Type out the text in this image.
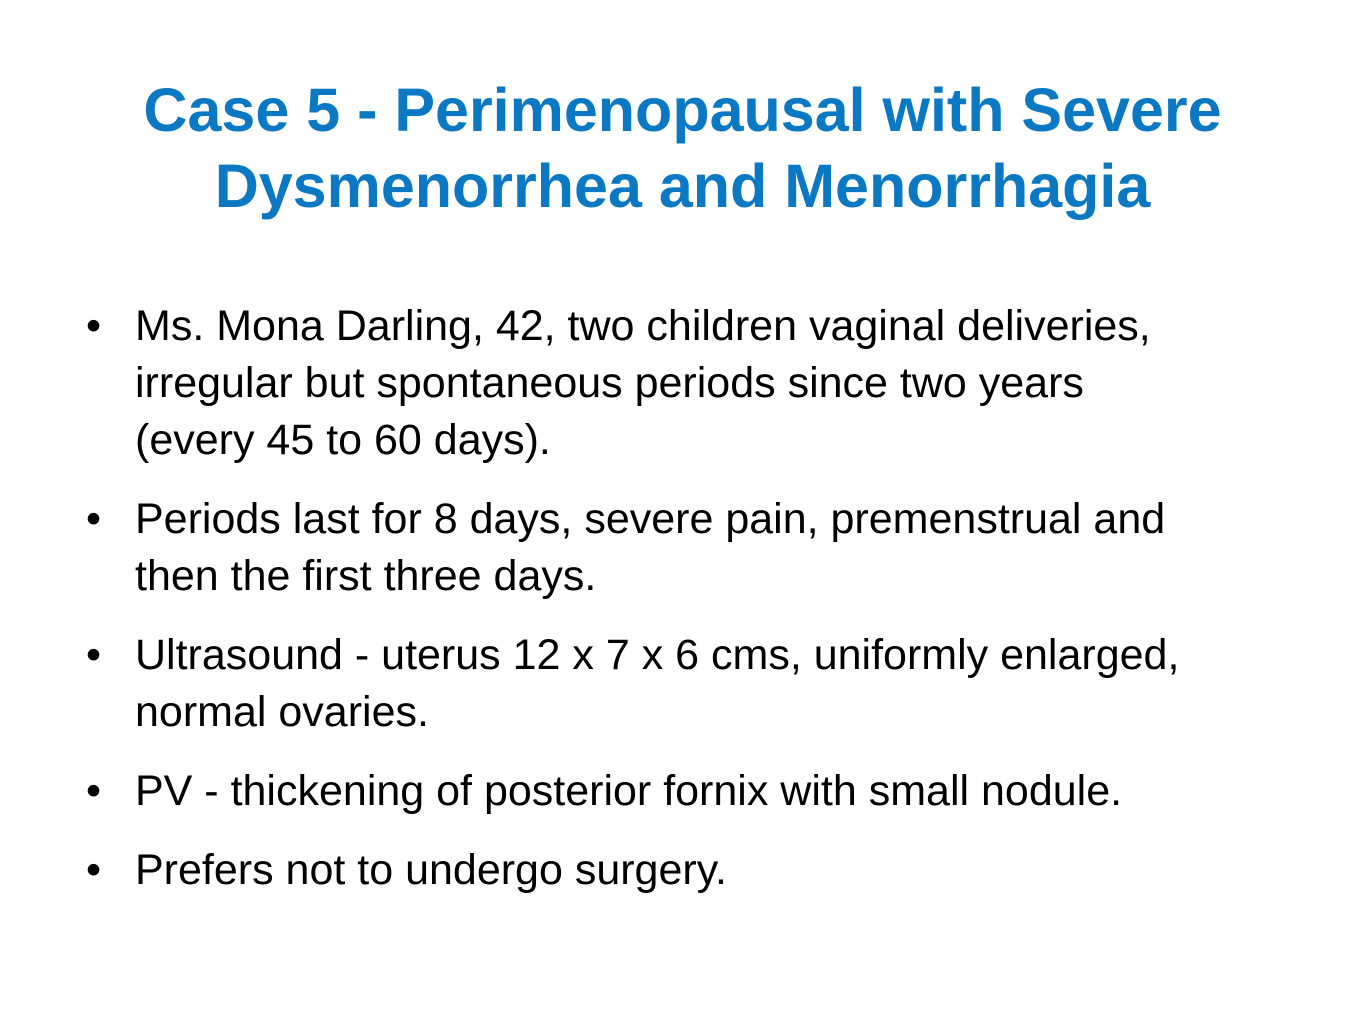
Case 5 - Perimenopausal with Severe
Dysmenorrhea and Menorrhagia
• Ms. Mona Darling, 42, two children vaginal deliveries,
irregular but spontaneous periods since two years
(every 45 to 60 days).
• Periods last for 8 days, severe pain, premenstrual and
then the first three days.
• Ultrasound - uterus 12 x 7 x 6 cms, uniformly enlarged,
normal ovaries.
• PV - thickening of posterior fornix with small nodule.
• Prefers not to undergo surgery.
